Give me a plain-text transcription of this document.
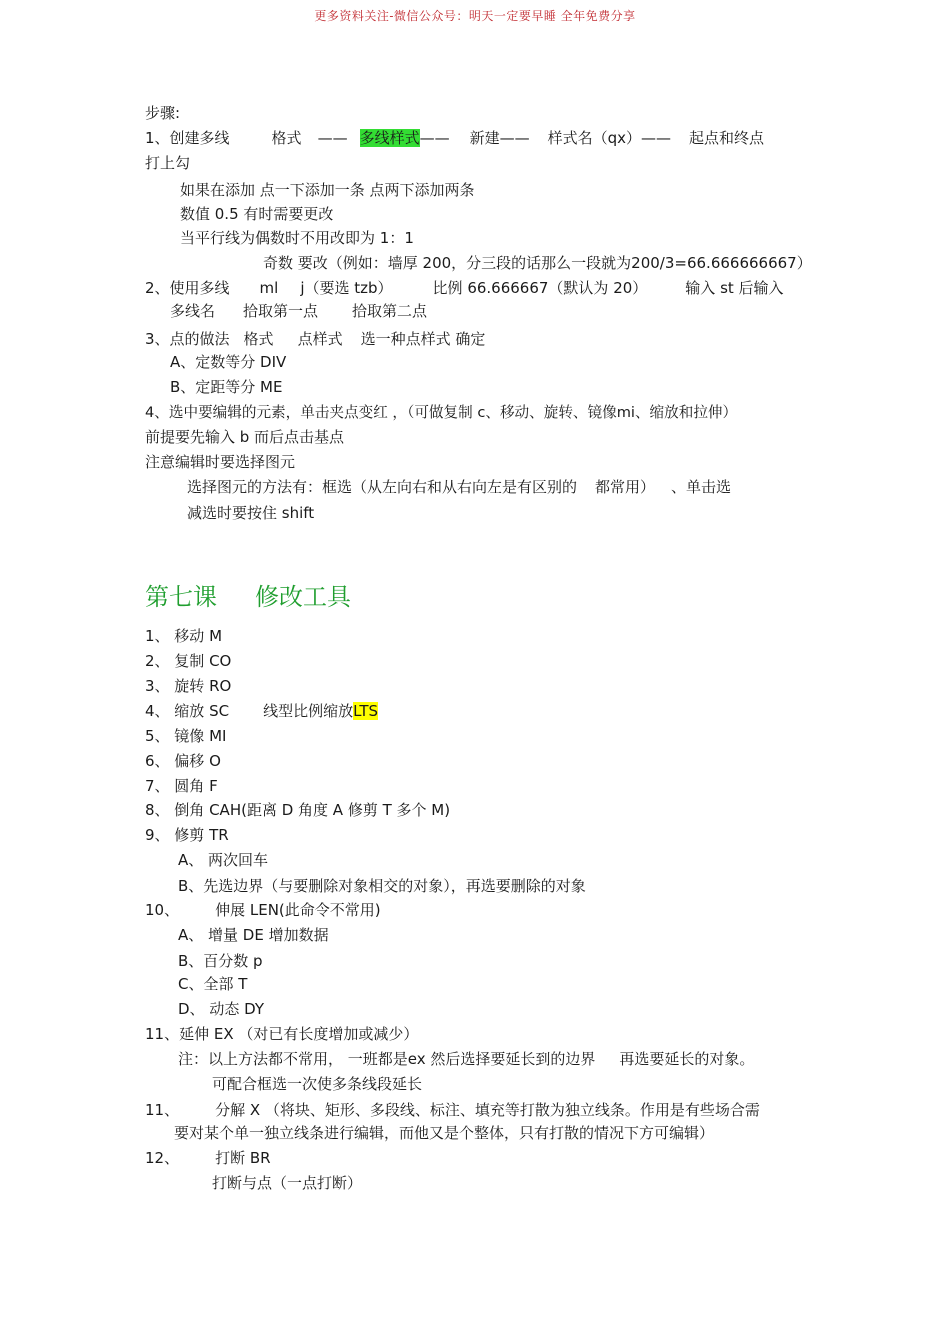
更多资料关注-微信公众号：明天一定要早睡 全年免费分享
步骤:
1、创建多线	格式 —— 多线样式—— 新建—— 样式名（qx）—— 起点和终点
打上勾
如果在添加 点一下添加一条 点两下添加两条
数值 0.5 有时需要更改
当平行线为偶数时不用改即为 1：1
奇数 要改（例如：墙厚 200，分三段的话那么一段就为200/3=66.666666667）
2、使用多线 ml j（要选 tzb）	比例 66.666667（默认为 20）	输入 st 后输入
多线名 拾取第一点 拾取第二点
3、点的做法 格式 点样式 选一种点样式 确定
A、定数等分 DIV
B、定距等分 ME
4、选中要编辑的元素，单击夹点变红 ，（可做复制 c、移动、旋转、镜像mi、缩放和拉伸）
前提要先输入 b 而后点击基点
注意编辑时要选择图元
选择图元的方法有：框选（从左向右和从右向左是有区别的 都常用） 、单击选
减选时要按住 shift
第七课 修改工具
1、 移动 M
2、 复制 CO
3、 旋转 RO
4、 缩放 SC 线型比例缩放LTS
5、 镜像 MI
6、 偏移 O
7、 圆角 F
8、 倒角 CAH(距离 D 角度 A 修剪 T 多个 M)
9、 修剪 TR
A、 两次回车
B、先选边界（与要删除对象相交的对象），再选要删除的对象
10、 伸展 LEN(此命令不常用)
A、 增量 DE 增加数据
B、百分数 p
C、全部 T
D、 动态 DY
11、延伸 EX （对已有长度增加或减少）
注：以上方法都不常用， 一班都是ex 然后选择要延长到的边界 再选要延长的对象。
可配合框选一次使多条线段延长
11、 分解 X （将块、矩形、多段线、标注、填充等打散为独立线条。作用是有些场合需
要对某个单一独立线条进行编辑，而他又是个整体，只有打散的情况下方可编辑）
12、 打断 BR
打断与点（一点打断）
